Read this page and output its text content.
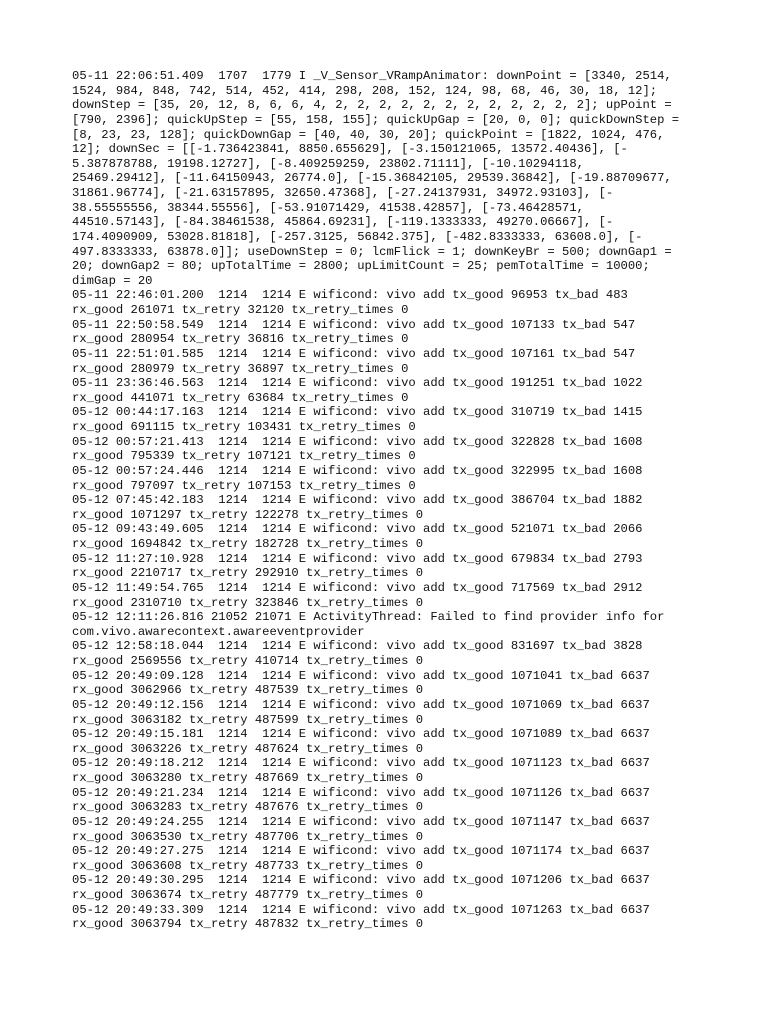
05-11 22:06:51.409  1707  1779 I _V_Sensor_VRampAnimator: downPoint = [3340, 2514,
1524, 984, 848, 742, 514, 452, 414, 298, 208, 152, 124, 98, 68, 46, 30, 18, 12];
downStep = [35, 20, 12, 8, 6, 6, 4, 2, 2, 2, 2, 2, 2, 2, 2, 2, 2, 2, 2]; upPoint =
[790, 2396]; quickUpStep = [55, 158, 155]; quickUpGap = [20, 0, 0]; quickDownStep =
[8, 23, 23, 128]; quickDownGap = [40, 40, 30, 20]; quickPoint = [1822, 1024, 476,
12]; downSec = [[-1.736423841, 8850.655629], [-3.150121065, 13572.40436], [-
5.387878788, 19198.12727], [-8.409259259, 23802.71111], [-10.10294118,
25469.29412], [-11.64150943, 26774.0], [-15.36842105, 29539.36842], [-19.88709677,
31861.96774], [-21.63157895, 32650.47368], [-27.24137931, 34972.93103], [-
38.55555556, 38344.55556], [-53.91071429, 41538.42857], [-73.46428571,
44510.57143], [-84.38461538, 45864.69231], [-119.1333333, 49270.06667], [-
174.4090909, 53028.81818], [-257.3125, 56842.375], [-482.8333333, 63608.0], [-
497.8333333, 63878.0]]; useDownStep = 0; lcmFlick = 1; downKeyBr = 500; downGap1 =
20; downGap2 = 80; upTotalTime = 2800; upLimitCount = 25; pemTotalTime = 10000;
dimGap = 20
05-11 22:46:01.200  1214  1214 E wificond: vivo add tx_good 96953 tx_bad 483
rx_good 261071 tx_retry 32120 tx_retry_times 0
05-11 22:50:58.549  1214  1214 E wificond: vivo add tx_good 107133 tx_bad 547
rx_good 280954 tx_retry 36816 tx_retry_times 0
05-11 22:51:01.585  1214  1214 E wificond: vivo add tx_good 107161 tx_bad 547
rx_good 280979 tx_retry 36897 tx_retry_times 0
05-11 23:36:46.563  1214  1214 E wificond: vivo add tx_good 191251 tx_bad 1022
rx_good 441071 tx_retry 63684 tx_retry_times 0
05-12 00:44:17.163  1214  1214 E wificond: vivo add tx_good 310719 tx_bad 1415
rx_good 691115 tx_retry 103431 tx_retry_times 0
05-12 00:57:21.413  1214  1214 E wificond: vivo add tx_good 322828 tx_bad 1608
rx_good 795339 tx_retry 107121 tx_retry_times 0
05-12 00:57:24.446  1214  1214 E wificond: vivo add tx_good 322995 tx_bad 1608
rx_good 797097 tx_retry 107153 tx_retry_times 0
05-12 07:45:42.183  1214  1214 E wificond: vivo add tx_good 386704 tx_bad 1882
rx_good 1071297 tx_retry 122278 tx_retry_times 0
05-12 09:43:49.605  1214  1214 E wificond: vivo add tx_good 521071 tx_bad 2066
rx_good 1694842 tx_retry 182728 tx_retry_times 0
05-12 11:27:10.928  1214  1214 E wificond: vivo add tx_good 679834 tx_bad 2793
rx_good 2210717 tx_retry 292910 tx_retry_times 0
05-12 11:49:54.765  1214  1214 E wificond: vivo add tx_good 717569 tx_bad 2912
rx_good 2310710 tx_retry 323846 tx_retry_times 0
05-12 12:11:26.816 21052 21071 E ActivityThread: Failed to find provider info for
com.vivo.awarecontext.awareeventprovider
05-12 12:58:18.044  1214  1214 E wificond: vivo add tx_good 831697 tx_bad 3828
rx_good 2569556 tx_retry 410714 tx_retry_times 0
05-12 20:49:09.128  1214  1214 E wificond: vivo add tx_good 1071041 tx_bad 6637
rx_good 3062966 tx_retry 487539 tx_retry_times 0
05-12 20:49:12.156  1214  1214 E wificond: vivo add tx_good 1071069 tx_bad 6637
rx_good 3063182 tx_retry 487599 tx_retry_times 0
05-12 20:49:15.181  1214  1214 E wificond: vivo add tx_good 1071089 tx_bad 6637
rx_good 3063226 tx_retry 487624 tx_retry_times 0
05-12 20:49:18.212  1214  1214 E wificond: vivo add tx_good 1071123 tx_bad 6637
rx_good 3063280 tx_retry 487669 tx_retry_times 0
05-12 20:49:21.234  1214  1214 E wificond: vivo add tx_good 1071126 tx_bad 6637
rx_good 3063283 tx_retry 487676 tx_retry_times 0
05-12 20:49:24.255  1214  1214 E wificond: vivo add tx_good 1071147 tx_bad 6637
rx_good 3063530 tx_retry 487706 tx_retry_times 0
05-12 20:49:27.275  1214  1214 E wificond: vivo add tx_good 1071174 tx_bad 6637
rx_good 3063608 tx_retry 487733 tx_retry_times 0
05-12 20:49:30.295  1214  1214 E wificond: vivo add tx_good 1071206 tx_bad 6637
rx_good 3063674 tx_retry 487779 tx_retry_times 0
05-12 20:49:33.309  1214  1214 E wificond: vivo add tx_good 1071263 tx_bad 6637
rx_good 3063794 tx_retry 487832 tx_retry_times 0
